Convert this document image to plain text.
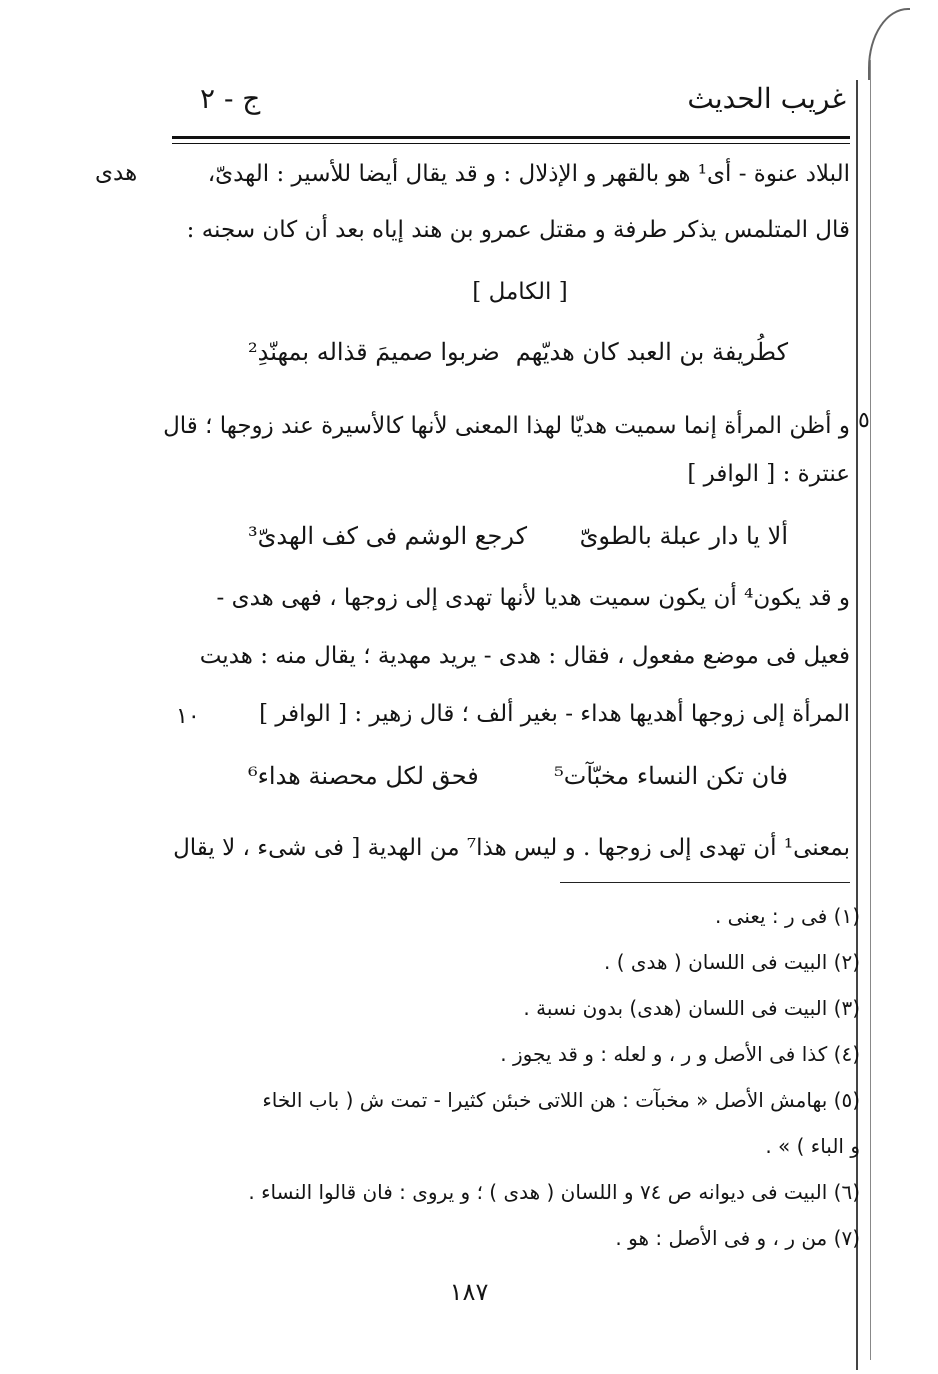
غريب الحديث
ج - ٢
هدى
٥
١٠
البلاد عنوة - أى¹ هو بالقهر و الإذلال : و قد يقال أيضا للأسير : الهدىّ،
قال المتلمس يذكر طرفة و مقتل عمرو بن هند إياه بعد أن كان سجنه :
[ الكامل ]
كطُريفة بن العبد كان هديّهم
ضربوا صميمَ قذاله بمهنّدِ²
و أظن المرأة إنما سميت هديّا لهذا المعنى لأنها كالأسيرة عند زوجها ؛ قال
عنترة : [ الوافر ]
ألا يا دار عبلة بالطوىّ
كرجع الوشم فى كف الهدىّ³
و قد يكون⁴ أن يكون سميت هديا لأنها تهدى إلى زوجها ، فهى هدى -
فعيل فى موضع مفعول ، فقال : هدى - يريد مهدية ؛ يقال منه : هديت
المرأة إلى زوجها أهديها هداء - بغير ألف ؛ قال زهير : [ الوافر ]
فان تكن النساء مخبّآت⁵
فحق لكل محصنة هداء⁶
بمعنى¹ أن تهدى إلى زوجها . و ليس هذا⁷ من الهدية [ فى شىء ، لا يقال
(١) فى ر : يعنى .
(٢) البيت فى اللسان ( هدى ) .
(٣) البيت فى اللسان (هدى) بدون نسبة .
(٤) كذا فى الأصل و ر ، و لعله : و قد يجوز .
(٥) بهامش الأصل « مخبآت : هن اللاتى خبئن كثيرا - تمت ش ( باب الخاء
و الباء ) » .
(٦) البيت فى ديوانه ص ٧٤ و اللسان ( هدى ) ؛ و يروى : فان قالوا النساء .
(٧) من ر ، و فى الأصل : هو .
١٨٧
